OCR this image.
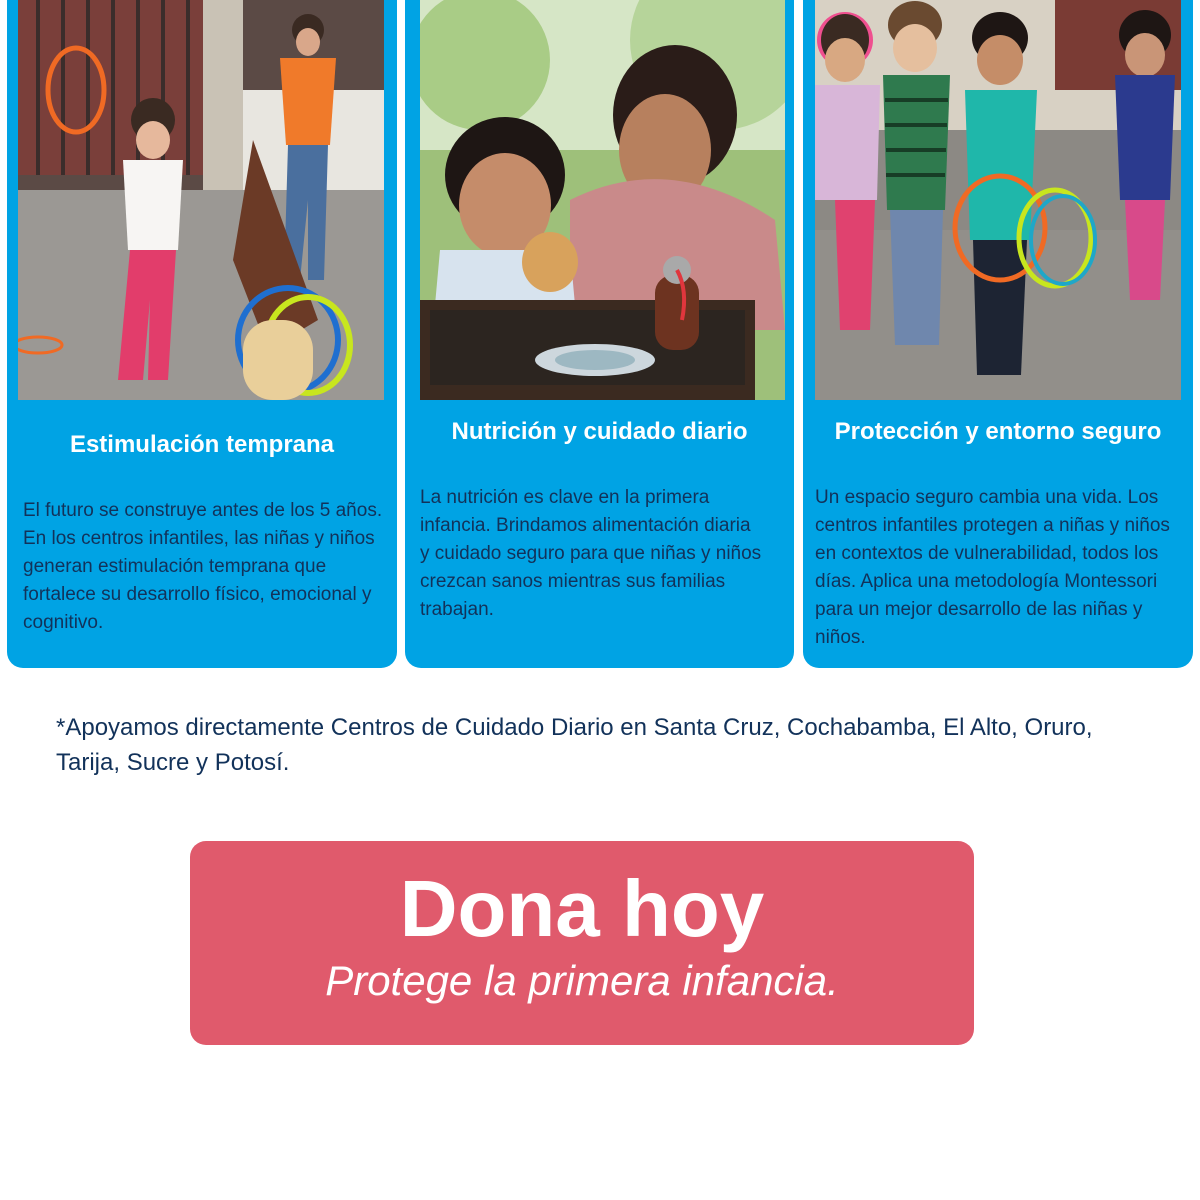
Estimulación temprana

El futuro se construye antes de los 5 años. En los centros infantiles, las niñas y niños generan estimulación temprana que fortalece su desarrollo físico, emocional y cognitivo.

Nutrición y cuidado diario

La nutrición es clave en la primera infancia. Brindamos alimentación diaria y cuidado seguro para que niñas y niños crezcan sanos mientras sus familias trabajan.

Protección y entorno seguro

Un espacio seguro cambia una vida. Los centros infantiles protegen a niñas y niños en contextos de vulnerabilidad, todos los días. Aplica una metodología Montessori para un mejor desarrollo de las niñas y niños.

*Apoyamos directamente Centros de Cuidado Diario en Santa Cruz, Cochabamba, El Alto, Oruro, Tarija, Sucre y Potosí.

Dona hoy
Protege la primera infancia.
